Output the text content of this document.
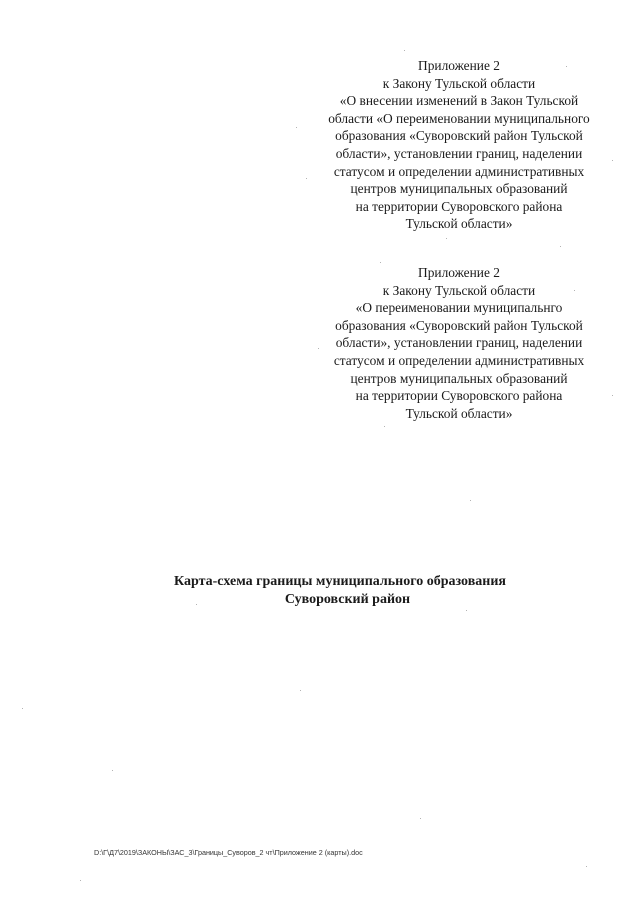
Приложение 2
к Закону Тульской области
«О внесении изменений в Закон Тульской
области «О переименовании муниципального
образования «Суворовский район Тульской
области», установлении границ, наделении
статусом и определении административных
центров муниципальных образований
на территории Суворовского района
Тульской области»
Приложение 2
к Закону Тульской области
«О переименовании муниципальнго
образования «Суворовский район Тульской
области», установлении границ, наделении
статусом и определении административных
центров муниципальных образований
на территории Суворовского района
Тульской области»
Карта-схема границы муниципального образования
Суворовский район
D:\Г\Д7\2019\ЗАКОНЫ\ЗАС_3\Границы_Суворов_2 чт\Приложение 2 (карты).doc
